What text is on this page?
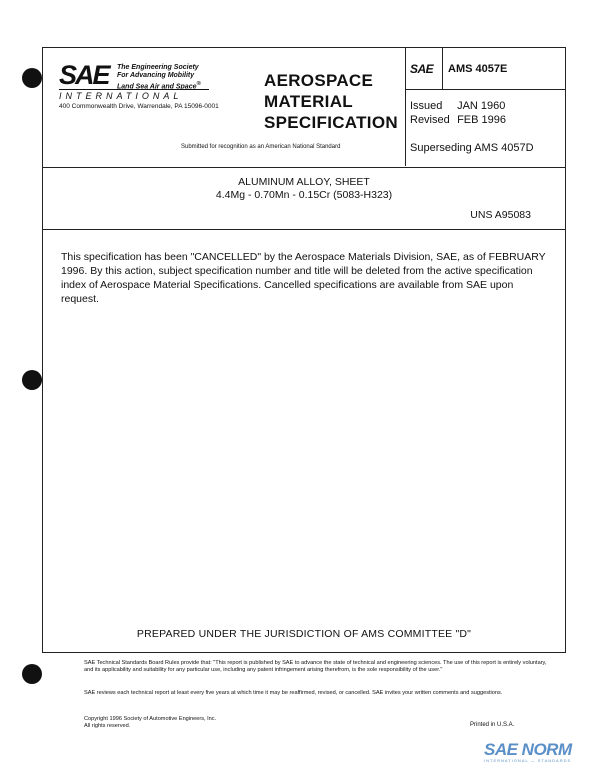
SAE The Engineering Society
For Advancing Mobility
Land Sea Air and Space®
INTERNATIONAL
400 Commonwealth Drive, Warrendale, PA 15096-0001
AEROSPACE
MATERIAL
SPECIFICATION
Submitted for recognition as an American National Standard
SAE	AMS 4057E
Issued JAN 1960
Revised FEB 1996
Superseding AMS 4057D
ALUMINUM ALLOY, SHEET
4.4Mg - 0.70Mn - 0.15Cr (5083-H323)
UNS A95083
This specification has been "CANCELLED" by the Aerospace Materials Division, SAE, as of FEBRUARY 1996. By this action, subject specification number and title will be deleted from the active specification index of Aerospace Material Specifications. Cancelled specifications are available from SAE upon request.
PREPARED UNDER THE JURISDICTION OF AMS COMMITTEE "D"
SAE Technical Standards Board Rules provide that: "This report is published by SAE to advance the state of technical and engineering sciences. The use of this report is entirely voluntary, and its applicability and suitability for any particular use, including any patent infringement arising therefrom, is the sole responsibility of the user."
SAE reviews each technical report at least every five years at which time it may be reaffirmed, revised, or cancelled. SAE invites your written comments and suggestions.
Copyright 1996 Society of Automotive Engineers, Inc.
All rights reserved.	Printed in U.S.A.
SAE NORM
INTERNATIONAL — STANDARDS
